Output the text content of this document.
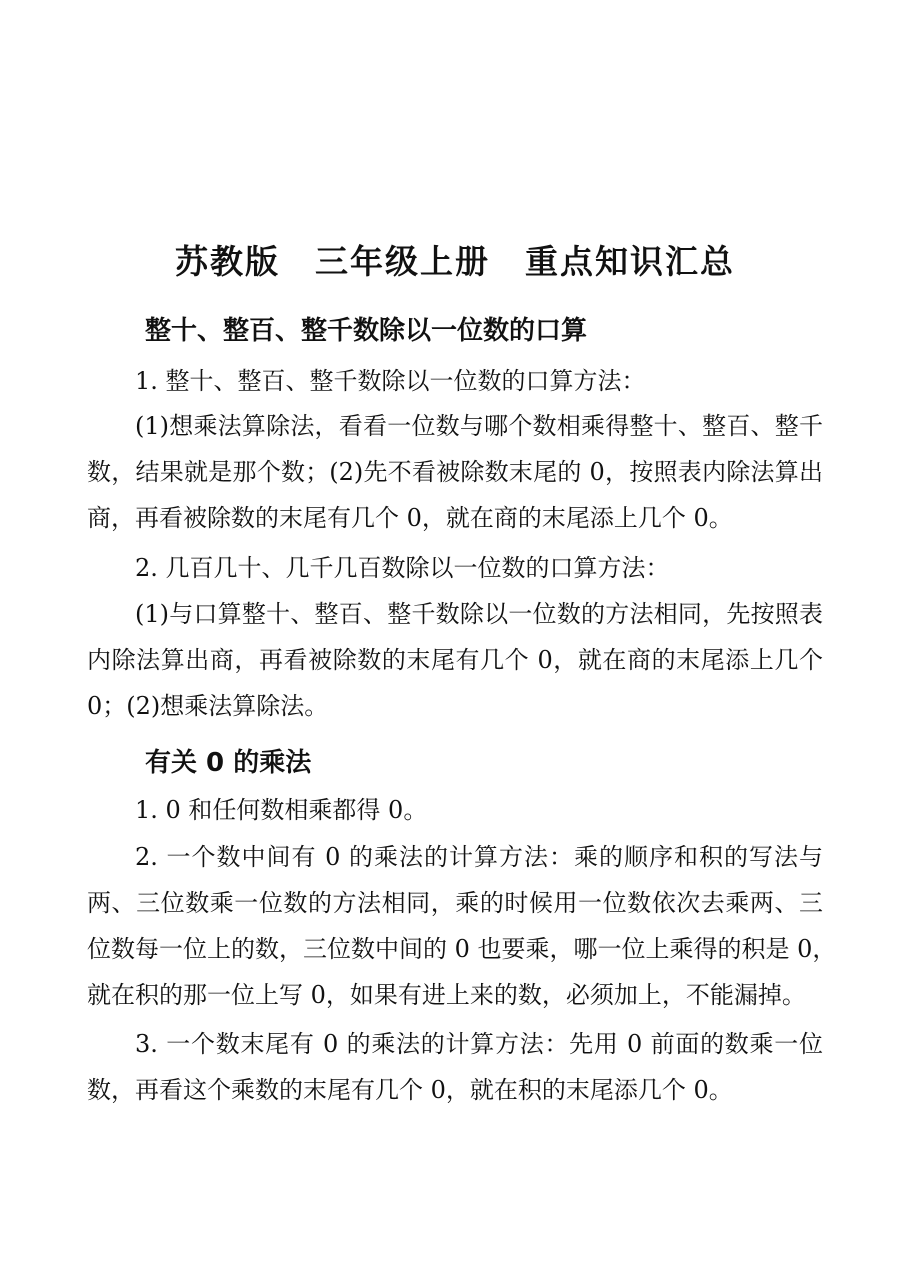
苏教版　三年级上册　重点知识汇总
整十、整百、整千数除以一位数的口算
1. 整十、整百、整千数除以一位数的口算方法：
(1)想乘法算除法，看看一位数与哪个数相乘得整十、整百、整千
数，结果就是那个数；(2)先不看被除数末尾的 0，按照表内除法算出
商，再看被除数的末尾有几个 0，就在商的末尾添上几个 0。
2. 几百几十、几千几百数除以一位数的口算方法：
(1)与口算整十、整百、整千数除以一位数的方法相同，先按照表
内除法算出商，再看被除数的末尾有几个 0，就在商的末尾添上几个
0；(2)想乘法算除法。
有关 0 的乘法
1. 0 和任何数相乘都得 0。
2. 一个数中间有 0 的乘法的计算方法：乘的顺序和积的写法与
两、三位数乘一位数的方法相同，乘的时候用一位数依次去乘两、三
位数每一位上的数，三位数中间的 0 也要乘，哪一位上乘得的积是 0，
就在积的那一位上写 0，如果有进上来的数，必须加上，不能漏掉。
3. 一个数末尾有 0 的乘法的计算方法：先用 0 前面的数乘一位
数，再看这个乘数的末尾有几个 0，就在积的末尾添几个 0。
